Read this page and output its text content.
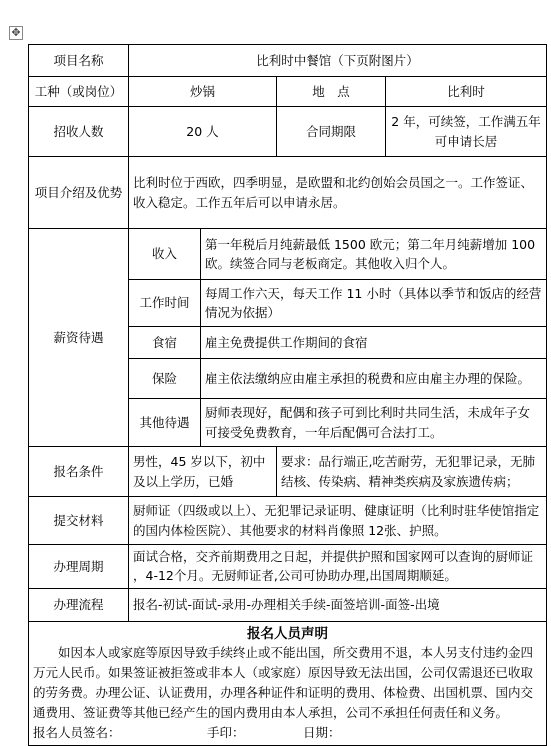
✥
项目名称	比利时中餐馆（下页附图片）			
工种（或岗位）	炒锅		地　点	比利时
招收人数	20 人		合同期限	2 年，可续签，工作满五年可申请长居
项目介绍及优势	比利时位于西欧，四季明显，是欧盟和北约创始会员国之一。工作签证、收入稳定。工作五年后可以申请永居。			
薪资待遇	收入	第一年税后月纯薪最低 1500 欧元；第二年月纯薪增加 100 欧。续签合同与老板商定。其他收入归个人。		
	工作时间	每周工作六天，每天工作 11 小时（具体以季节和饭店的经营情况为依据）		
	食宿	雇主免费提供工作期间的食宿		
	保险	雇主依法缴纳应由雇主承担的税费和应由雇主办理的保险。		
	其他待遇	厨师表现好，配偶和孩子可到比利时共同生活，未成年子女可接受免费教育，一年后配偶可合法打工。		
报名条件	男性，45 岁以下，初中及以上学历，已婚		要求：品行端正,吃苦耐劳，无犯罪记录，无肺结核、传染病、精神类疾病及家族遗传病；	
提交材料	厨师证（四级或以上）、无犯罪记录证明、健康证明（比利时驻华使馆指定的国内体检医院）、其他要求的材料肖像照 12张、护照。			
办理周期	面试合格，交齐前期费用之日起，并提供护照和国家网可以查询的厨师证 ，4-12个月。无厨师证者,公司可协助办理,出国周期顺延。			
办理流程	报名-初试-面试-录用-办理相关手续-面签培训-面签-出境			

报名人员声明
如因本人或家庭等原因导致手续终止或不能出国，所交费用不退，本人另支付违约金四万元人民币。如果签证被拒签或非本人（或家庭）原因导致无法出国，公司仅需退还已收取的劳务费。办理公证、认证费用，办理各种证件和证明的费用、体检费、出国机票、国内交通费用、签证费等其他已经产生的国内费用由本人承担，公司不承担任何责任和义务。
报名人员签名： 手印： 日期：				
